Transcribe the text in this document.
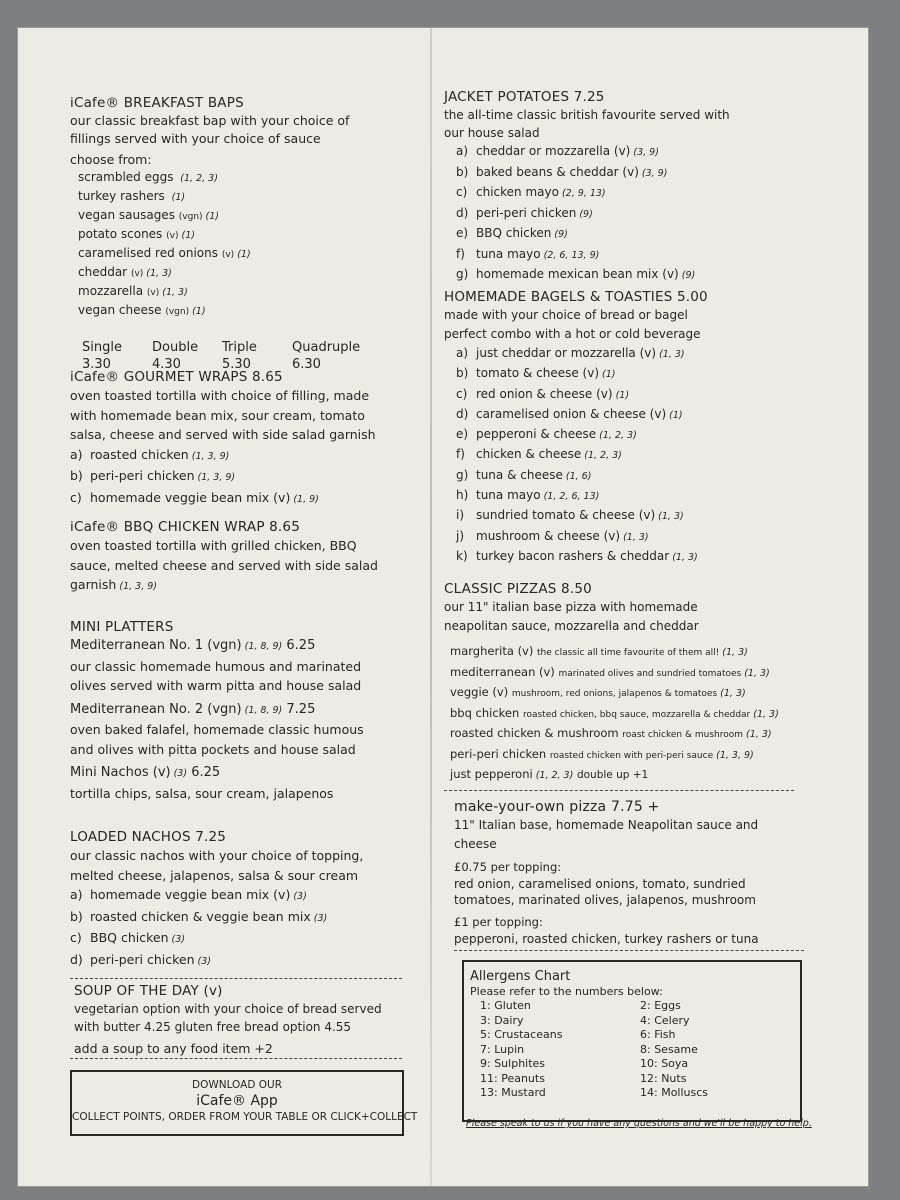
iCafe® BREAKFAST BAPS
our classic breakfast bap with your choice of
fillings served with your choice of sauce
choose from:
scrambled eggs (1, 2, 3)
turkey rashers (1)
vegan sausages (vgn) (1)
potato scones (v) (1)
caramelised red onions (v) (1)
cheddar (v) (1, 3)
mozzarella (v) (1, 3)
vegan cheese (vgn) (1)
Single	Double	Triple	Quadruple
3.30	4.30	5.30	6.30
iCafe® GOURMET WRAPS 8.65
oven toasted tortilla with choice of filling, made
with homemade bean mix, sour cream, tomato
salsa, cheese and served with side salad garnish
a) roasted chicken (1, 3, 9)
b) peri-peri chicken (1, 3, 9)
c) homemade veggie bean mix (v) (1, 9)
iCafe® BBQ CHICKEN WRAP 8.65
oven toasted tortilla with grilled chicken, BBQ
sauce, melted cheese and served with side salad
garnish (1, 3, 9)
MINI PLATTERS
Mediterranean No. 1 (vgn) (1, 8, 9) 6.25
our classic homemade humous and marinated
olives served with warm pitta and house salad
Mediterranean No. 2 (vgn) (1, 8, 9) 7.25
oven baked falafel, homemade classic humous
and olives with pitta pockets and house salad
Mini Nachos (v) (3) 6.25
tortilla chips, salsa, sour cream, jalapenos
LOADED NACHOS 7.25
our classic nachos with your choice of topping,
melted cheese, jalapenos, salsa & sour cream
a) homemade veggie bean mix (v) (3)
b) roasted chicken & veggie bean mix (3)
c) BBQ chicken (3)
d) peri-peri chicken (3)
SOUP OF THE DAY (v)
vegetarian option with your choice of bread served
with butter 4.25 gluten free bread option 4.55
add a soup to any food item +2
DOWNLOAD OUR
iCafe® App
COLLECT POINTS, ORDER FROM YOUR TABLE OR CLICK+COLLECT
JACKET POTATOES 7.25
the all-time classic british favourite served with
our house salad
a) cheddar or mozzarella (v) (3, 9)
b) baked beans & cheddar (v) (3, 9)
c) chicken mayo (2, 9, 13)
d) peri-peri chicken (9)
e) BBQ chicken (9)
f) tuna mayo (2, 6, 13, 9)
g) homemade mexican bean mix (v) (9)
HOMEMADE BAGELS & TOASTIES 5.00
made with your choice of bread or bagel
perfect combo with a hot or cold beverage
a) just cheddar or mozzarella (v) (1, 3)
b) tomato & cheese (v) (1)
c) red onion & cheese (v) (1)
d) caramelised onion & cheese (v) (1)
e) pepperoni & cheese (1, 2, 3)
f) chicken & cheese (1, 2, 3)
g) tuna & cheese (1, 6)
h) tuna mayo (1, 2, 6, 13)
i) sundried tomato & cheese (v) (1, 3)
j) mushroom & cheese (v) (1, 3)
k) turkey bacon rashers & cheddar (1, 3)
CLASSIC PIZZAS 8.50
our 11" italian base pizza with homemade
neapolitan sauce, mozzarella and cheddar
margherita (v) the classic all time favourite of them all! (1, 3)
mediterranean (v) marinated olives and sundried tomatoes (1, 3)
veggie (v) mushroom, red onions, jalapenos & tomatoes (1, 3)
bbq chicken roasted chicken, bbq sauce, mozzarella & cheddar (1, 3)
roasted chicken & mushroom roast chicken & mushroom (1, 3)
peri-peri chicken roasted chicken with peri-peri sauce (1, 3, 9)
just pepperoni (1, 2, 3) double up +1
make-your-own pizza 7.75 +
11" Italian base, homemade Neapolitan sauce and
cheese
£0.75 per topping:
red onion, caramelised onions, tomato, sundried
tomatoes, marinated olives, jalapenos, mushroom
£1 per topping:
pepperoni, roasted chicken, turkey rashers or tuna
Allergens Chart
Please refer to the numbers below:
1: Gluten	2: Eggs
3: Dairy	4: Celery
5: Crustaceans	6: Fish
7: Lupin	8: Sesame
9: Sulphites	10: Soya
11: Peanuts	12: Nuts
13: Mustard	14: Molluscs
Please speak to us if you have any questions and we'll be happy to help.
